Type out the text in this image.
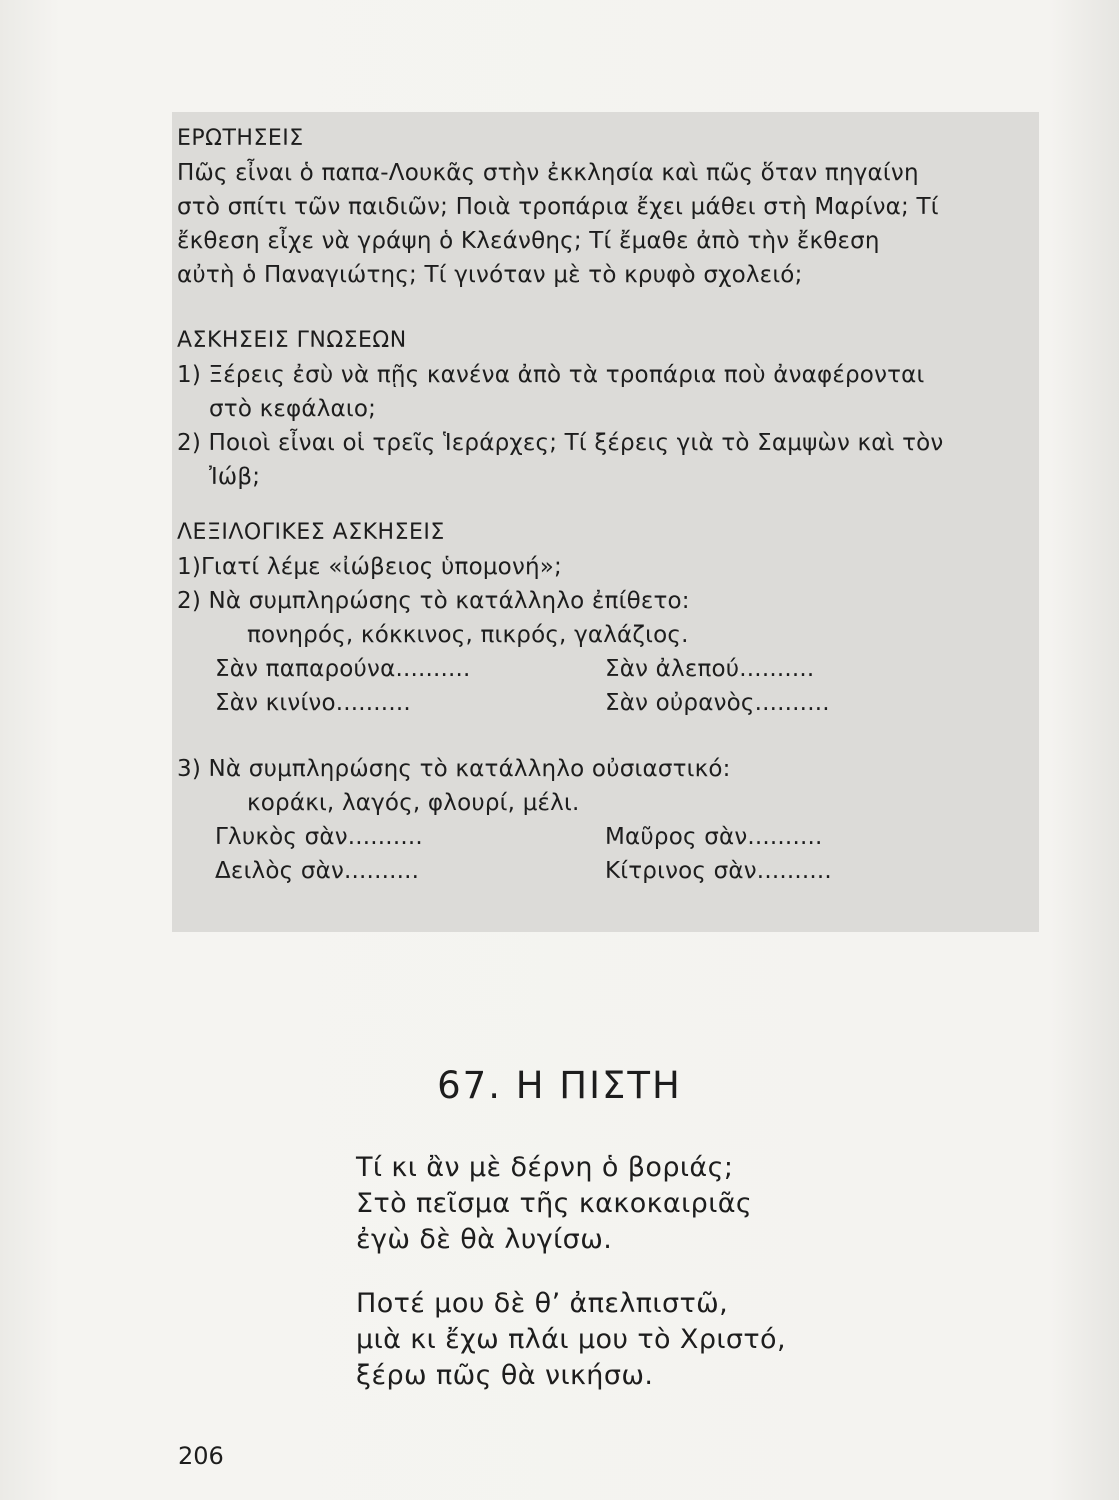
ΕΡΩΤΗΣΕΙΣ
Πῶς εἶναι ὁ παπα-Λουκᾶς στὴν ἐκκλησία καὶ πῶς ὅταν πηγαίνη
στὸ σπίτι τῶν παιδιῶν; Ποιὰ τροπάρια ἔχει μάθει στὴ Μαρίνα; Τί
ἔκθεση εἶχε νὰ γράψη ὁ Κλεάνθης; Τί ἔμαθε ἀπὸ τὴν ἔκθεση
αὐτὴ ὁ Παναγιώτης; Τί γινόταν μὲ τὸ κρυφὸ σχολειό;
ΑΣΚΗΣΕΙΣ ΓΝΩΣΕΩΝ
1) Ξέρεις ἐσὺ νὰ πῇς κανένα ἀπὸ τὰ τροπάρια ποὺ ἀναφέρονται
στὸ κεφάλαιο;
2) Ποιοὶ εἶναι οἱ τρεῖς Ἱεράρχες; Τί ξέρεις γιὰ τὸ Σαμψὼν καὶ τὸν
Ἰώβ;
ΛΕΞΙΛΟΓΙΚΕΣ ΑΣΚΗΣΕΙΣ
1)Γιατί λέμε «ἰώβειος ὑπομονή»;
2) Νὰ συμπληρώσης τὸ κατάλληλο ἐπίθετο:
πονηρός, κόκκινος, πικρός, γαλάζιος.
Σὰν παπαρούνα..........	Σὰν ἀλεπού..........
Σὰν κινίνο..........	Σὰν οὐρανὸς..........
3) Νὰ συμπληρώσης τὸ κατάλληλο οὐσιαστικό:
κοράκι, λαγός, φλουρί, μέλι.
Γλυκὸς σὰν..........	Μαῦρος σὰν..........
Δειλὸς σὰν..........	Κίτρινος σὰν..........
67. Η ΠΙΣΤΗ
Τί κι ἂν μὲ δέρνη ὁ βοριάς;
Στὸ πεῖσμα τῆς κακοκαιριᾶς
ἐγὼ δὲ θὰ λυγίσω.
Ποτέ μου δὲ θ’ ἀπελπιστῶ,
μιὰ κι ἔχω πλάι μου τὸ Χριστό,
ξέρω πῶς θὰ νικήσω.
206
